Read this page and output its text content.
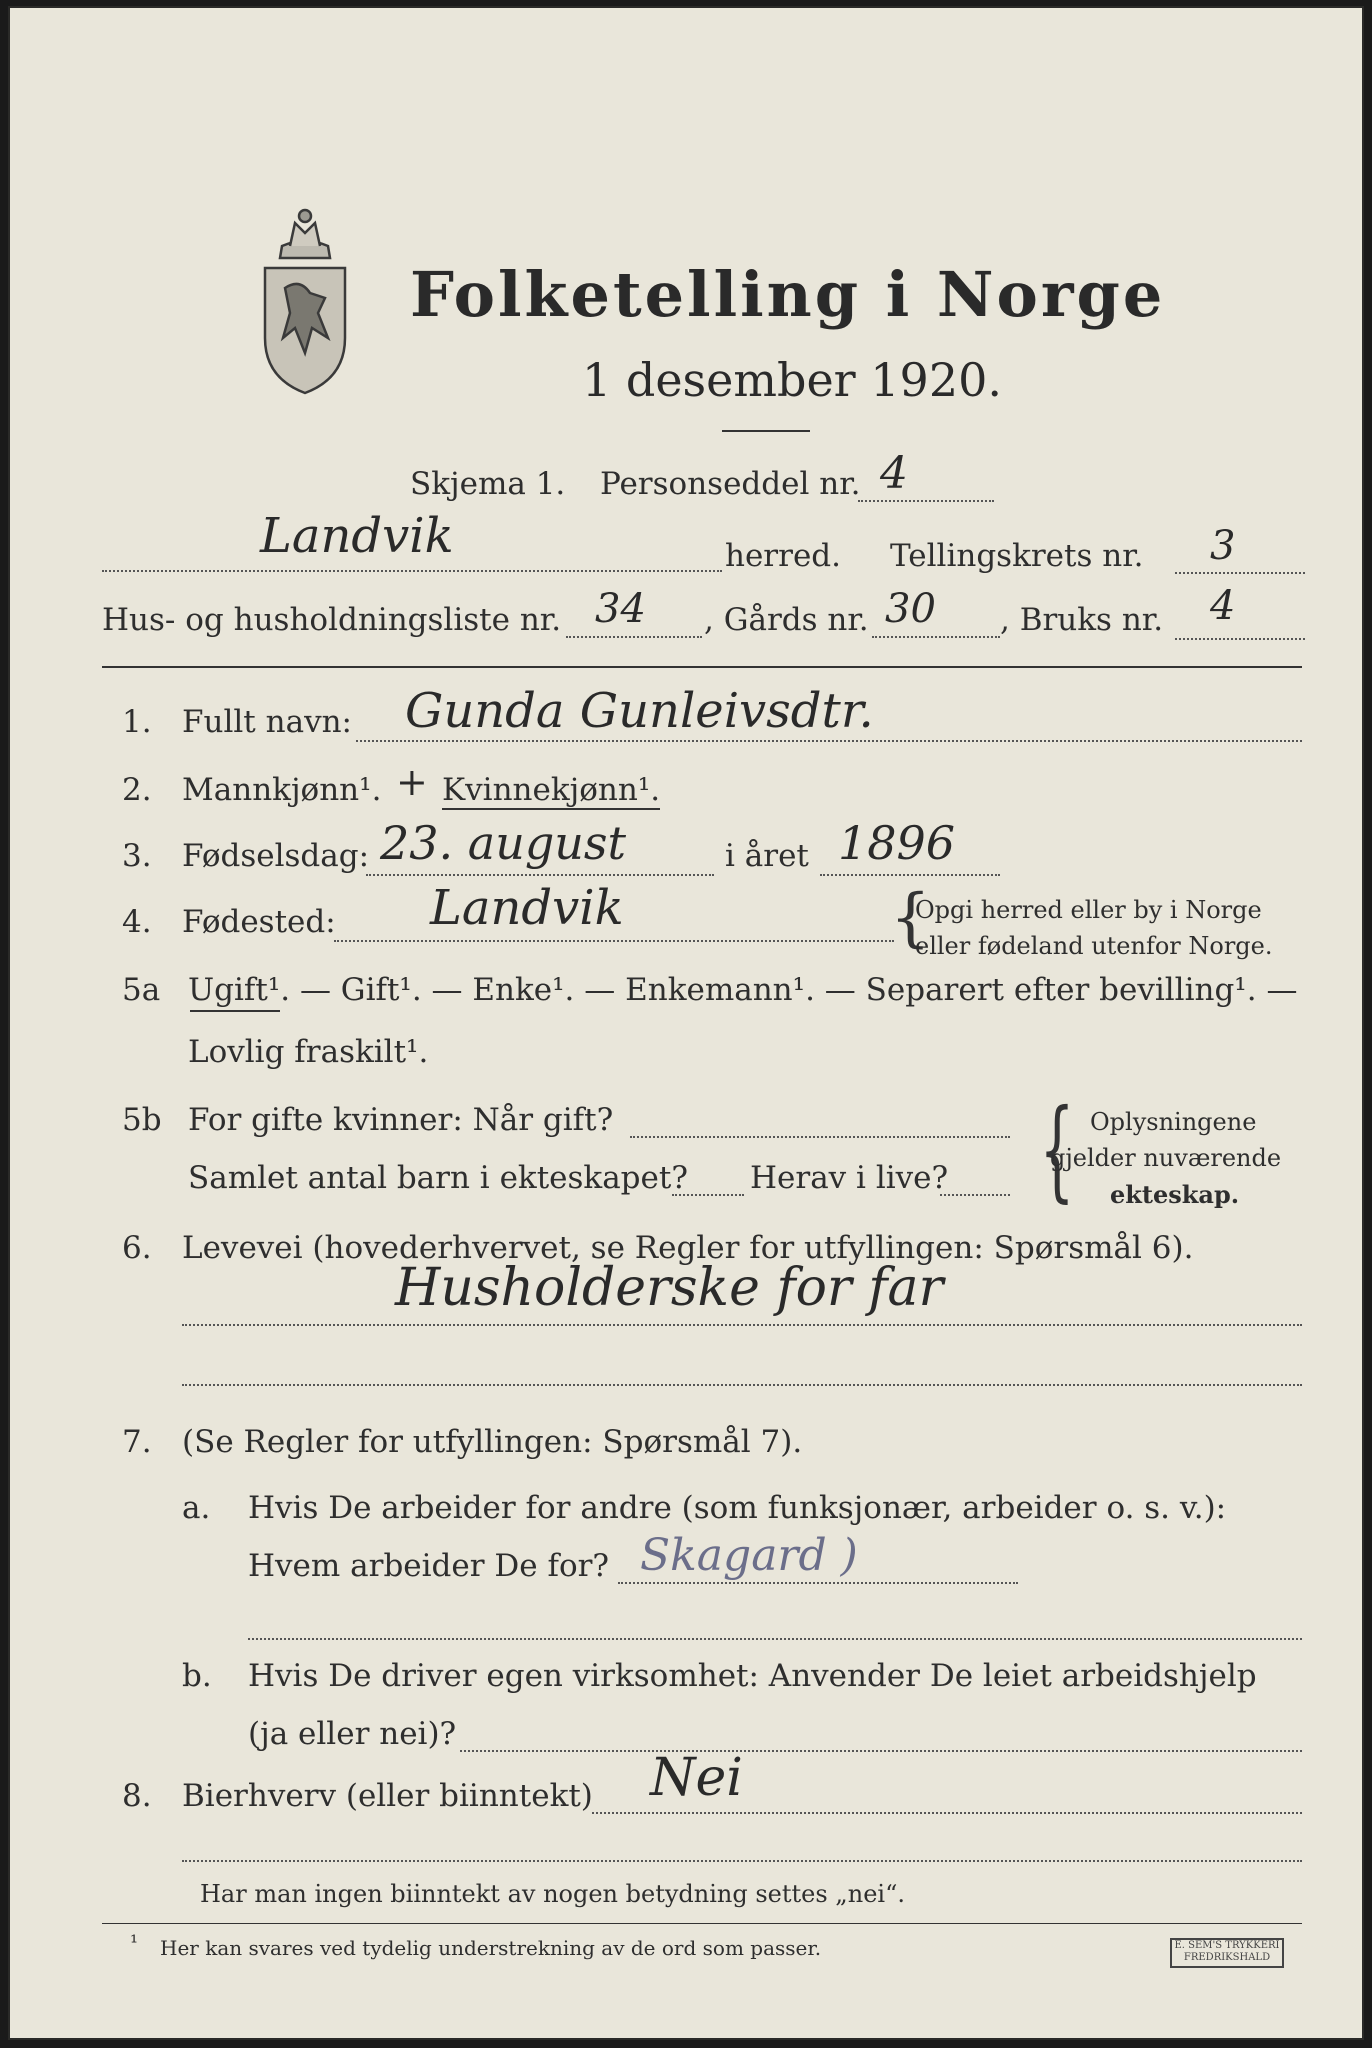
Folketelling i Norge
1 desember 1920.
Skjema 1. Personseddel nr. 4
Landvik	herred. Tellingskrets nr. 3
Hus- og husholdningsliste nr. 34 , Gårds nr. 30 , Bruks nr. 4
1. Fullt navn: Gunda Gunleivsdtr.
2. Mannkjønn¹. + Kvinnekjønn¹.
3. Fødselsdag: 23. august	i året 1896
4. Fødested: Landvik	{
Opgi herred eller by i Norge
eller fødeland utenfor Norge.
5a Ugift¹. — Gift¹. — Enke¹. — Enkemann¹. — Separert efter bevilling¹. —
Lovlig fraskilt¹.
5b For gifte kvinner: Når gift?
Samlet antal barn i ekteskapet? Herav i live? { Oplysningene
gjelder nuværende
ekteskap.
6. Levevei (hovederhvervet, se Regler for utfyllingen: Spørsmål 6).
Husholderske for far
7. (Se Regler for utfyllingen: Spørsmål 7).
a. Hvis De arbeider for andre (som funksjonær, arbeider o. s. v.):
Hvem arbeider De for? Skagard )
b. Hvis De driver egen virksomhet: Anvender De leiet arbeidshjelp
(ja eller nei)?
8. Bierhverv (eller biinntekt) Nei
Har man ingen biinntekt av nogen betydning settes „nei“.
¹ Her kan svares ved tydelig understrekning av de ord som passer.	E. SEM'S TRYKKERI FREDRIKSHALD
